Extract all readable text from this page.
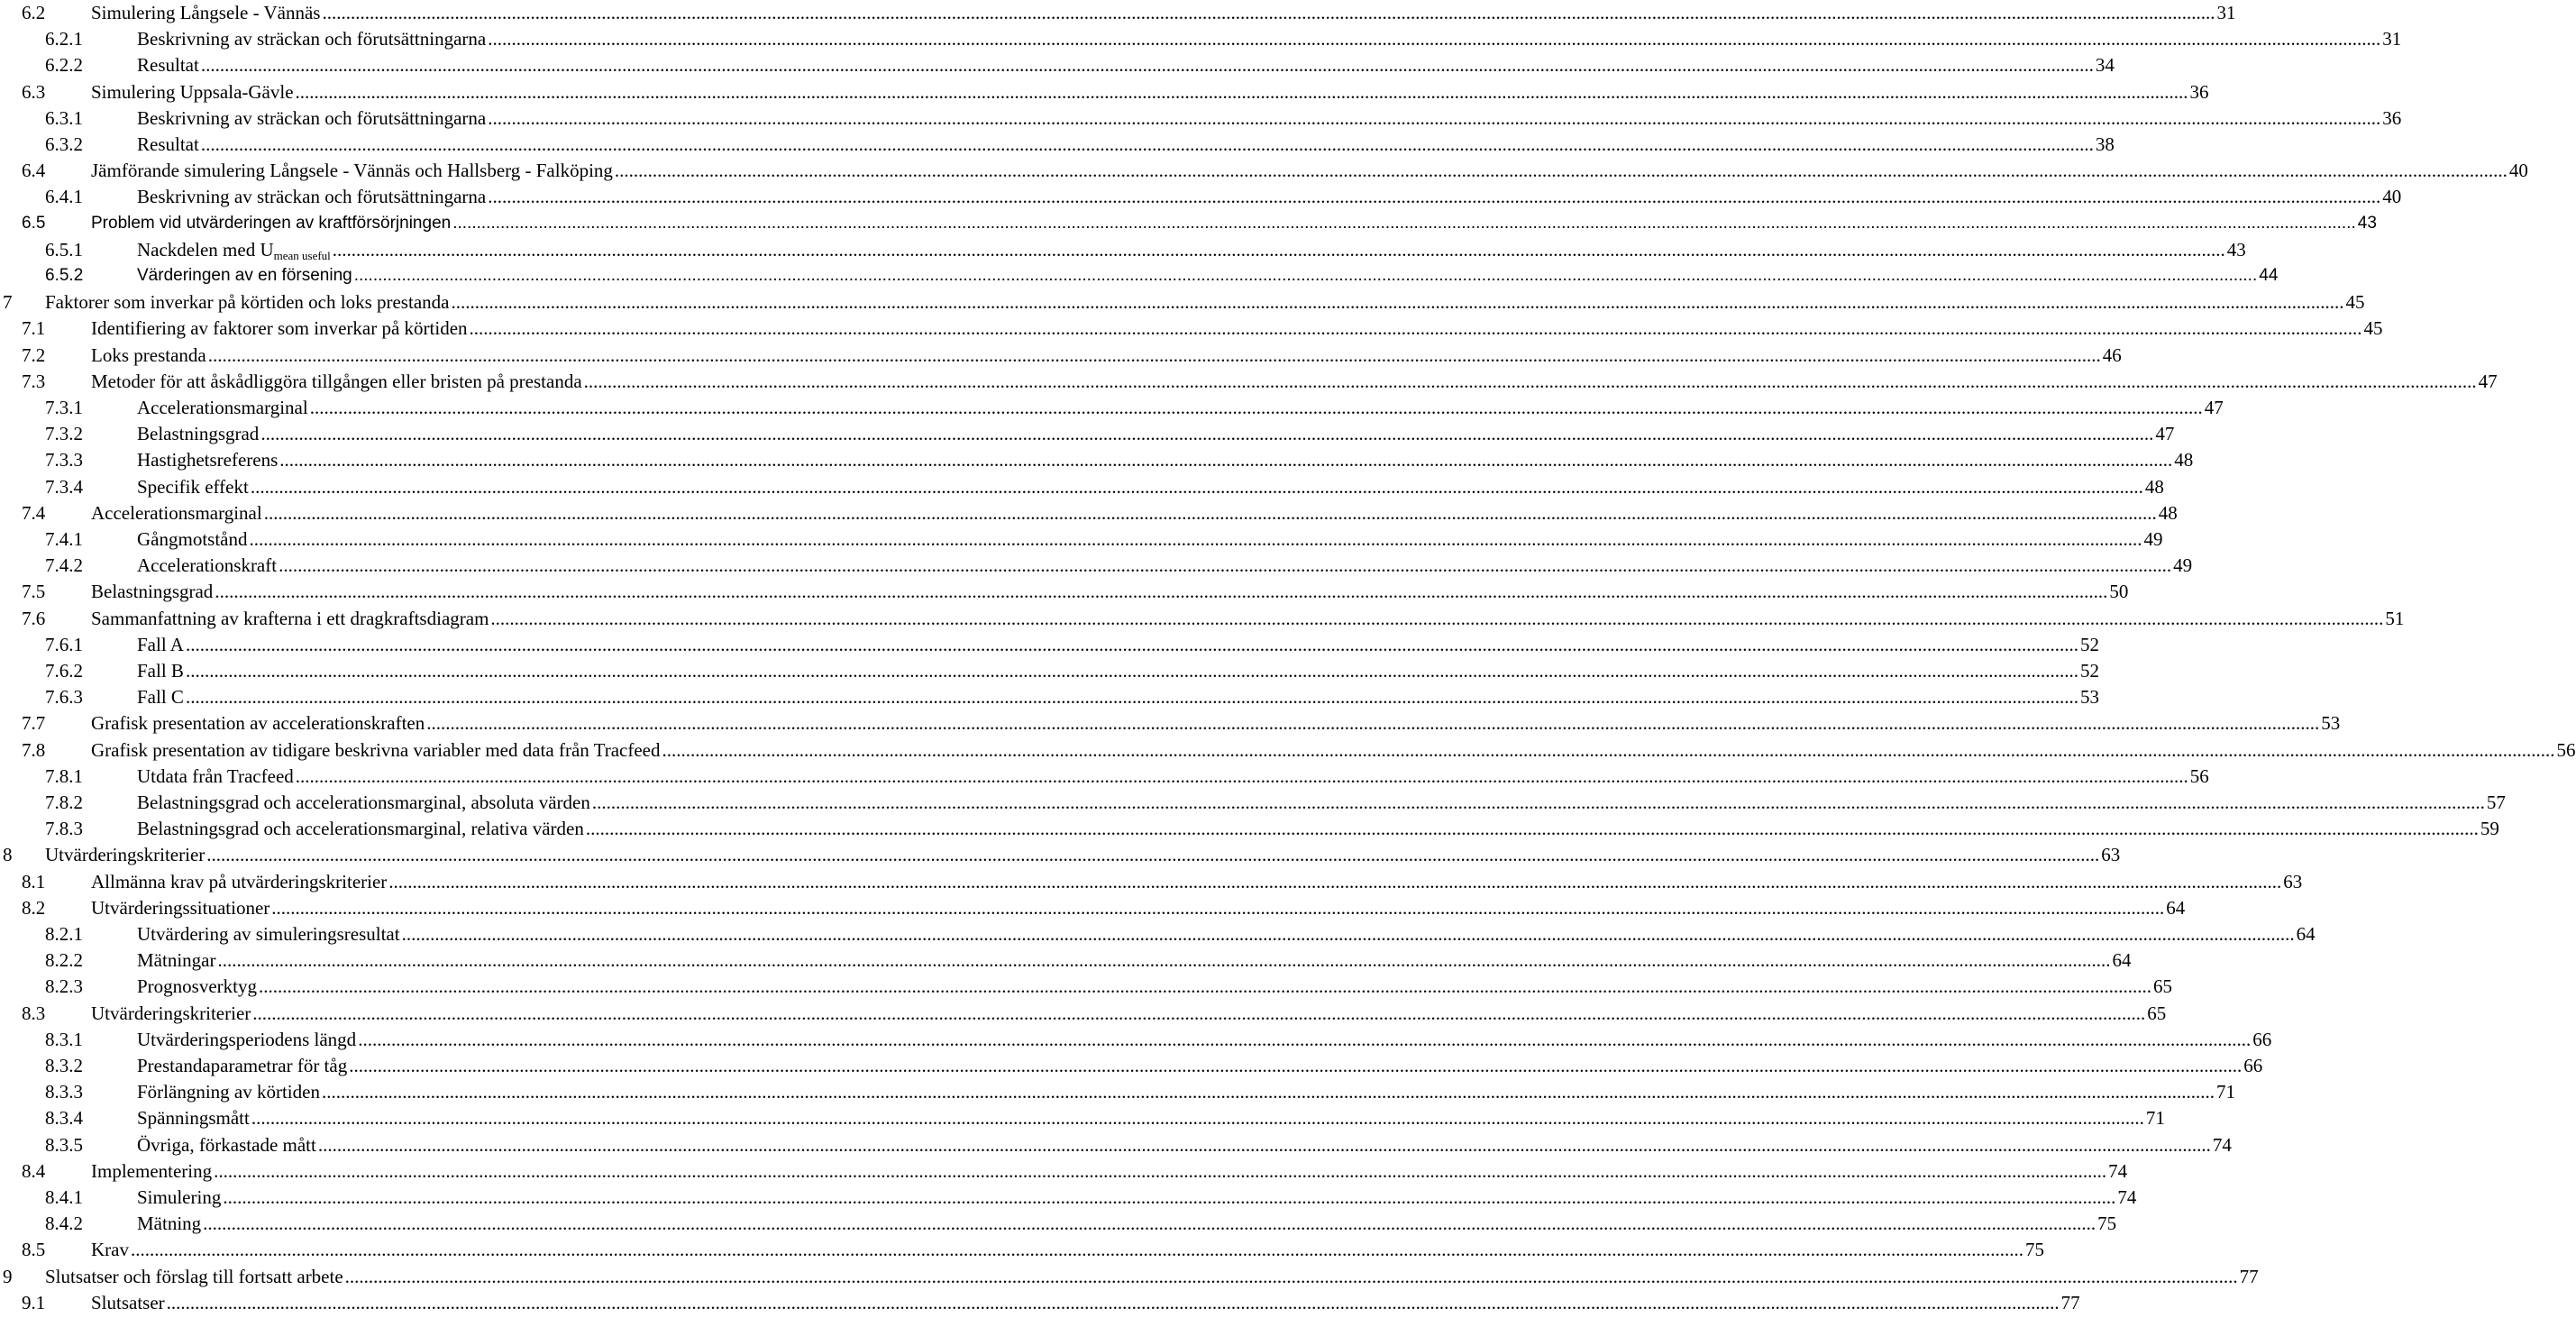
6.2 Simulering Långsele - Vännäs ................................................................................................................................................................................................................................................................................................................................................................................................................ 31
6.2.1	Beskrivning av sträckan och förutsättningarna ................................................................................................................................................................................................................................................................................................................................................................................................................ 31
6.2.2	Resultat ................................................................................................................................................................................................................................................................................................................................................................................................................ 34
6.3 Simulering Uppsala-Gävle ................................................................................................................................................................................................................................................................................................................................................................................................................ 36
6.3.1	Beskrivning av sträckan och förutsättningarna ................................................................................................................................................................................................................................................................................................................................................................................................................ 36
6.3.2	Resultat ................................................................................................................................................................................................................................................................................................................................................................................................................ 38
6.4 Jämförande simulering Långsele - Vännäs och Hallsberg - Falköping ................................................................................................................................................................................................................................................................................................................................................................................................................ 40
6.4.1	Beskrivning av sträckan och förutsättningarna ................................................................................................................................................................................................................................................................................................................................................................................................................ 40
6.5	Problem vid utvärderingen av kraftförsörjningen ................................................................................................................................................................................................................................................................................................................................................................................................................ 43
6.5.1	Nackdelen med Umean useful ................................................................................................................................................................................................................................................................................................................................................................................................................ 43
6.5.2	Värderingen av en försening ................................................................................................................................................................................................................................................................................................................................................................................................................ 44
7 Faktorer som inverkar på körtiden och loks prestanda ................................................................................................................................................................................................................................................................................................................................................................................................................ 45
7.1 Identifiering av faktorer som inverkar på körtiden ................................................................................................................................................................................................................................................................................................................................................................................................................ 45
7.2 Loks prestanda ................................................................................................................................................................................................................................................................................................................................................................................................................ 46
7.3 Metoder för att åskådliggöra tillgången eller bristen på prestanda ................................................................................................................................................................................................................................................................................................................................................................................................................ 47
7.3.1	Accelerationsmarginal ................................................................................................................................................................................................................................................................................................................................................................................................................ 47
7.3.2	Belastningsgrad ................................................................................................................................................................................................................................................................................................................................................................................................................ 47
7.3.3	Hastighetsreferens ................................................................................................................................................................................................................................................................................................................................................................................................................ 48
7.3.4	Specifik effekt ................................................................................................................................................................................................................................................................................................................................................................................................................ 48
7.4 Accelerationsmarginal ................................................................................................................................................................................................................................................................................................................................................................................................................ 48
7.4.1	Gångmotstånd ................................................................................................................................................................................................................................................................................................................................................................................................................ 49
7.4.2	Accelerationskraft ................................................................................................................................................................................................................................................................................................................................................................................................................ 49
7.5 Belastningsgrad ................................................................................................................................................................................................................................................................................................................................................................................................................ 50
7.6 Sammanfattning av krafterna i ett dragkraftsdiagram ................................................................................................................................................................................................................................................................................................................................................................................................................ 51
7.6.1	Fall A ................................................................................................................................................................................................................................................................................................................................................................................................................ 52
7.6.2	Fall B ................................................................................................................................................................................................................................................................................................................................................................................................................ 52
7.6.3	Fall C ................................................................................................................................................................................................................................................................................................................................................................................................................ 53
7.7 Grafisk presentation av accelerationskraften ................................................................................................................................................................................................................................................................................................................................................................................................................ 53
7.8 Grafisk presentation av tidigare beskrivna variabler med data från Tracfeed ................................................................................................................................................................................................................................................................................................................................................................................................................ 56
7.8.1	Utdata från Tracfeed ................................................................................................................................................................................................................................................................................................................................................................................................................ 56
7.8.2	Belastningsgrad och accelerationsmarginal, absoluta värden ................................................................................................................................................................................................................................................................................................................................................................................................................ 57
7.8.3	Belastningsgrad och accelerationsmarginal, relativa värden ................................................................................................................................................................................................................................................................................................................................................................................................................ 59
8 Utvärderingskriterier ................................................................................................................................................................................................................................................................................................................................................................................................................ 63
8.1 Allmänna krav på utvärderingskriterier ................................................................................................................................................................................................................................................................................................................................................................................................................ 63
8.2 Utvärderingssituationer ................................................................................................................................................................................................................................................................................................................................................................................................................ 64
8.2.1	Utvärdering av simuleringsresultat ................................................................................................................................................................................................................................................................................................................................................................................................................ 64
8.2.2	Mätningar ................................................................................................................................................................................................................................................................................................................................................................................................................ 64
8.2.3	Prognosverktyg ................................................................................................................................................................................................................................................................................................................................................................................................................ 65
8.3 Utvärderingskriterier ................................................................................................................................................................................................................................................................................................................................................................................................................ 65
8.3.1	Utvärderingsperiodens längd ................................................................................................................................................................................................................................................................................................................................................................................................................ 66
8.3.2	Prestandaparametrar för tåg ................................................................................................................................................................................................................................................................................................................................................................................................................ 66
8.3.3	Förlängning av körtiden ................................................................................................................................................................................................................................................................................................................................................................................................................ 71
8.3.4	Spänningsmått ................................................................................................................................................................................................................................................................................................................................................................................................................ 71
8.3.5	Övriga, förkastade mått ................................................................................................................................................................................................................................................................................................................................................................................................................ 74
8.4 Implementering ................................................................................................................................................................................................................................................................................................................................................................................................................ 74
8.4.1	Simulering ................................................................................................................................................................................................................................................................................................................................................................................................................ 74
8.4.2	Mätning ................................................................................................................................................................................................................................................................................................................................................................................................................ 75
8.5 Krav ................................................................................................................................................................................................................................................................................................................................................................................................................ 75
9 Slutsatser och förslag till fortsatt arbete ................................................................................................................................................................................................................................................................................................................................................................................................................ 77
9.1 Slutsatser ................................................................................................................................................................................................................................................................................................................................................................................................................ 77
